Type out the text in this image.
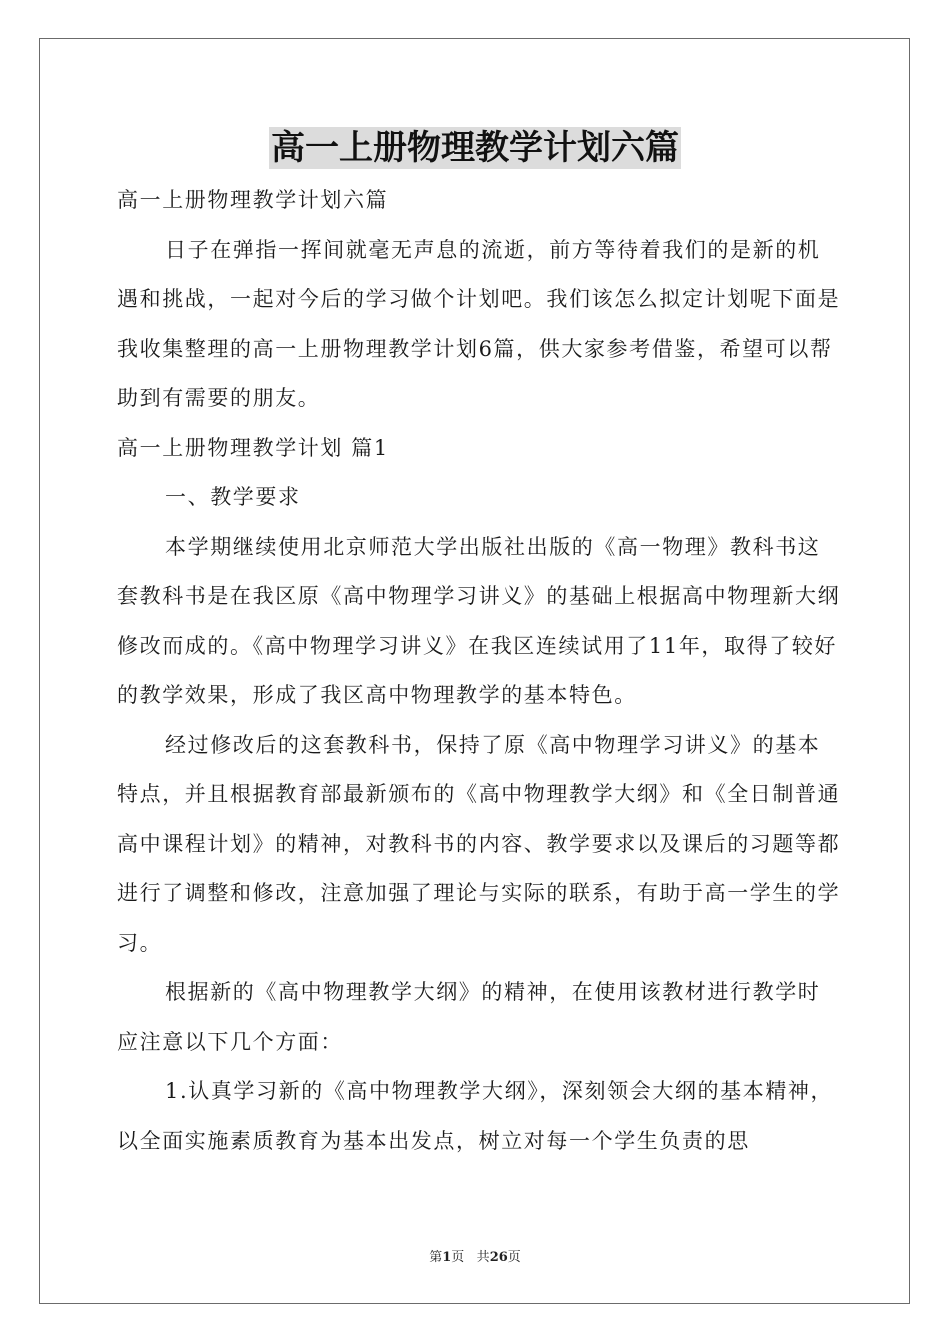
高一上册物理教学计划六篇

高一上册物理教学计划六篇

日子在弹指一挥间就毫无声息的流逝，前方等待着我们的是新的机遇和挑战，一起对今后的学习做个计划吧。我们该怎么拟定计划呢下面是我收集整理的高一上册物理教学计划6篇，供大家参考借鉴，希望可以帮助到有需要的朋友。

高一上册物理教学计划 篇1

一、教学要求

本学期继续使用北京师范大学出版社出版的《高一物理》教科书这套教科书是在我区原《高中物理学习讲义》的基础上根据高中物理新大纲修改而成的。《高中物理学习讲义》在我区连续试用了11年，取得了较好的教学效果，形成了我区高中物理教学的基本特色。

经过修改后的这套教科书，保持了原《高中物理学习讲义》的基本特点，并且根据教育部最新颁布的《高中物理教学大纲》和《全日制普通高中课程计划》的精神，对教科书的内容、教学要求以及课后的习题等都进行了调整和修改，注意加强了理论与实际的联系，有助于高一学生的学习。

根据新的《高中物理教学大纲》的精神，在使用该教材进行教学时应注意以下几个方面：

1.认真学习新的《高中物理教学大纲》，深刻领会大纲的基本精神，以全面实施素质教育为基本出发点，树立对每一个学生负责的思

第1页 共26页
